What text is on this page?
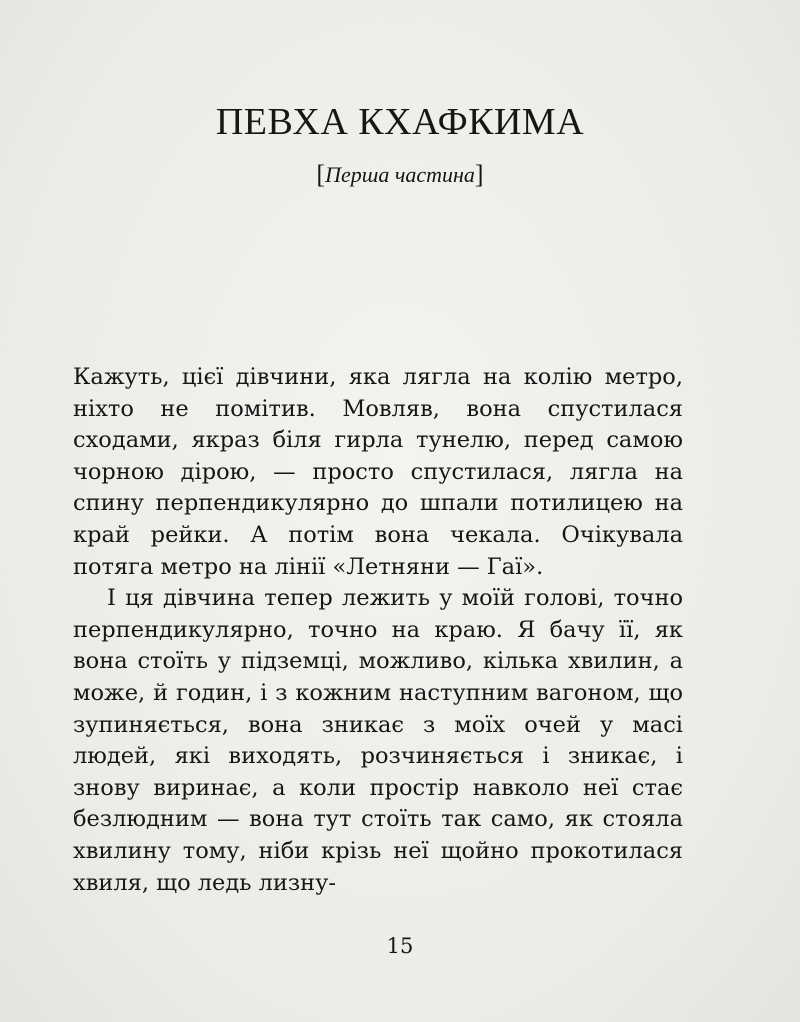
ПЕВХА КХАФКИМА
[Перша частина]

Кажуть, цієї дівчини, яка лягла на колію метро, ніхто не помітив. Мовляв, вона спустилася сходами, якраз біля гирла тунелю, перед самою чорною дірою, — просто спустилася, лягла на спину перпендикулярно до шпали потилицею на край рейки. А потім вона чекала. Очікувала потяга метро на лінії «Летняни — Гаї».

І ця дівчина тепер лежить у моїй голові, точно перпендикулярно, точно на краю. Я бачу її, як вона стоїть у підземці, можливо, кілька хвилин, а може, й годин, і з кожним наступним вагоном, що зупиняється, вона зникає з моїх очей у масі людей, які виходять, розчиняється і зникає, і знову виринає, а коли простір навколо неї стає безлюдним — вона тут стоїть так само, як стояла хвилину тому, ніби крізь неї щойно прокотилася хвиля, що ледь лизну-

15
